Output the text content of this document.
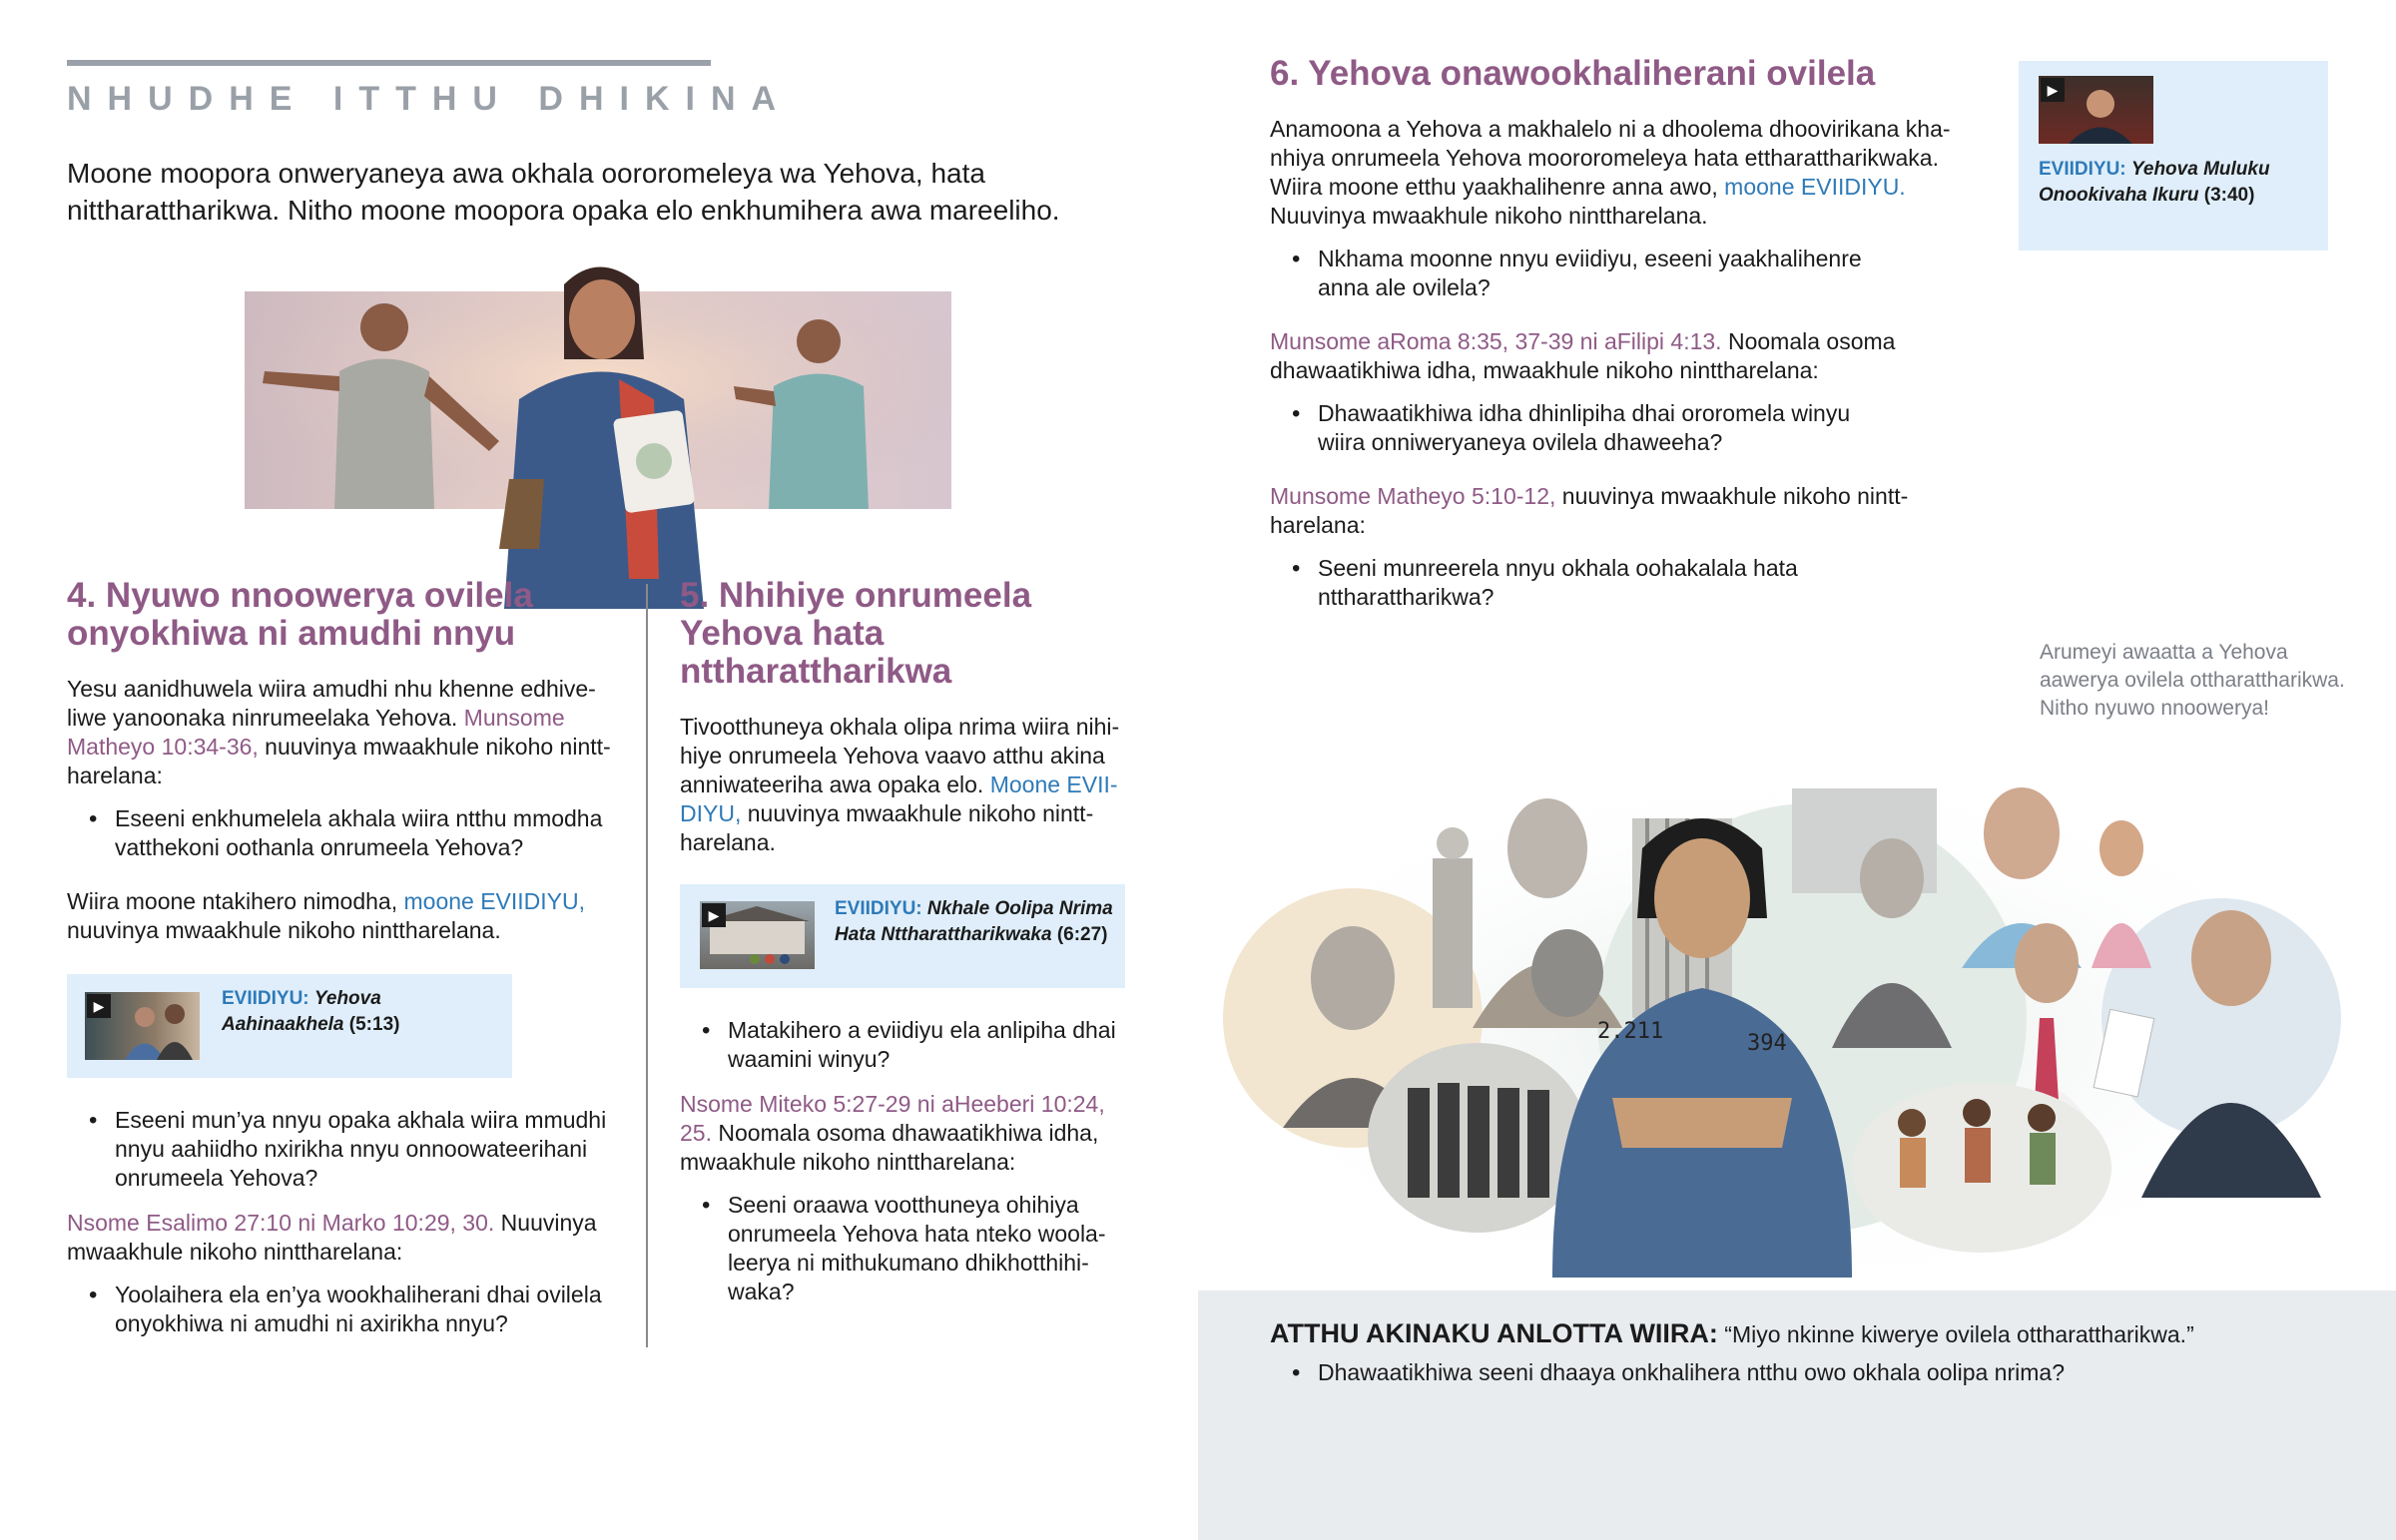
NHUDHE ITTHU DHIKINA

Moone moopora onweryaneya awa okhala oororomeleya wa Yehova, hata nittharattharikwa. Nitho moone moopora opaka elo enkhumihera awa mareeliho.

4. Nyuwo nnoowerya ovilela
onyokhiwa ni amudhi nnyu

Yesu aanidhuwela wiira amudhi nhu khenne edhive-liwe yanoonaka ninrumeelaka Yehova. Munsome Matheyo 10:34-36, nuuvinya mwaakhule nikoho ninttharelana:

• Eseeni enkhumelela akhala wiira ntthu mmodha vatthekoni oothanla onrumeela Yehova?

Wiira moone ntakihero nimodha, moone EVIIDIYU, nuuvinya mwaakhule nikoho ninttharelana.

▶	EVIIDIYU: Yehova Aahinaakhela (5:13)
• Eseeni mun’ya nnyu opaka akhala wiira mmudhi nnyu aahiidho nxirikha nnyu onnoowateerihani onrumeela Yehova?

Nsome Esalimo 27:10 ni Marko 10:29, 30. Nuuvinya mwaakhule nikoho ninttharelana:

• Yoolaihera ela en’ya wookhaliherani dhai ovilela onyokhiwa ni amudhi ni axirikha nnyu?
5. Nhihiye onrumeela Yehova hata nttharattharikwa

Tivootthuneya okhala olipa nrima wiira nihi-hiye onrumeela Yehova vaavo atthu akina anniwateeriha awa opaka elo. Moone EVII-DIYU, nuuvinya mwaakhule nikoho ninttharelana.

▶	EVIIDIYU: Nkhale Oolipa Nrima Hata Nttharattharikwaka (6:27)
• Matakihero a eviidiyu ela anlipiha dhai waamini winyu?

Nsome Miteko 5:27-29 ni aHeeberi 10:24, 25. Noomala osoma dhawaatikhiwa idha, mwaakhule nikoho ninttharelana:

• Seeni oraawa vootthuneya ohihiya onrumeela Yehova hata nteko woola-leerya ni mithukumano dhikhotthihi-waka?
6. Yehova onawookhaliherani ovilela

Anamoona a Yehova a makhalelo ni a dhoolema dhoovirikana kha-nhiya onrumeela Yehova moororomeleya hata ettharattharikwaka. Wiira moone etthu yaakhalihenre anna awo, moone EVIIDIYU. Nuuvinya mwaakhule nikoho ninttharelana.

• Nkhama moonne nnyu eviidiyu, eseeni yaakhalihenre anna ale ovilela?

Munsome aRoma 8:35, 37-39 ni aFilipi 4:13. Noomala osoma dhawaatikhiwa idha, mwaakhule nikoho ninttharelana:

• Dhawaatikhiwa idha dhinlipiha dhai ororomela winyu wiira onniweryaneya ovilela dhaweeha?

Munsome Matheyo 5:10-12, nuuvinya mwaakhule nikoho ninttharelana:

• Seeni munreerela nnyu okhala oohakalala hata nttharattharikwa?
▶
EVIIDIYU: Yehova Muluku Onookivaha Ikuru (3:40)
Arumeyi awaatta a Yehova aawerya ovilela ottharattharikwa. Nitho nyuwo nnoowerya!
2.211	394
ATTHU AKINAKU ANLOTTA WIIRA: “Miyo nkinne kiwerye ovilela ottharattharikwa.”
• Dhawaatikhiwa seeni dhaaya onkhalihera ntthu owo okhala oolipa nrima?
